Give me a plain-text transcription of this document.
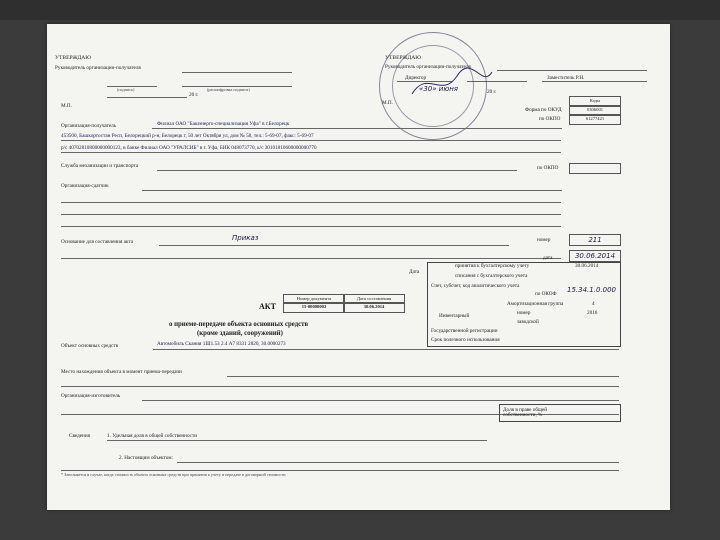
УТВЕРЖДАЮ
Руководитель организации-получателя
(подпись)	(расшифровка подписи)
20 г.
М.П.
УТВЕРЖДАЮ
Руководитель организации-получателя
Директор	Заместитель Р.Н.
«30» июня	20 г.
М.П.	Коды
Форма по ОКУД	0306001
по ОКПО	61277421
Организация-получатель	Филиал ОАО "Башэнерго-специализация Уфа" в г.Белорецк
453500, Башкортостан Респ, Белорецкий р-н, Белорецк г, 50 лет Октября ул, дом № 58, тел.: 5-69-07, факс: 5-69-07
р/с 40702810800000000123, в банке Филиал ОАО "УРАЛСИБ" в г. Уфа, БИК 048073770, к/с 30101810600000000770
Служба механизации и транспорта	по ОКПО
Организация-сдатчик
Основание для составления акта	Приказ	номер	211
дата	30.06.2014
Дата
принятия к бухгалтерскому учету	30.06.2014
списания с бухгалтерского учета
Счет, субсчет, код аналитического учета
по ОКОФ 15.34.1.0.000
Амортизационная группа	4
Инвентарный	номер	2016
заводской
Государственной регистрации
Срок полезного использования
АКТ
Номер документа	Дата составления
15-00000002	30.06.2014
о приеме-передаче объекта основных средств
(кроме зданий, сооружений)
Объект основных средств	Автомобиль Скания 1Ш1.53 2.4 А7 8331 2820, 30.0000273
Место нахождения объекта в момент приема-передачи
Организация-изготовитель
Сведения	1. Удельная доля в общей собственности
Доля в праве общей собственности, %
2. Настоящим объектом:
* Заполняется в случае, когда стоимость объекта основных средств при принятии к учету и передаче в договорной стоимости
